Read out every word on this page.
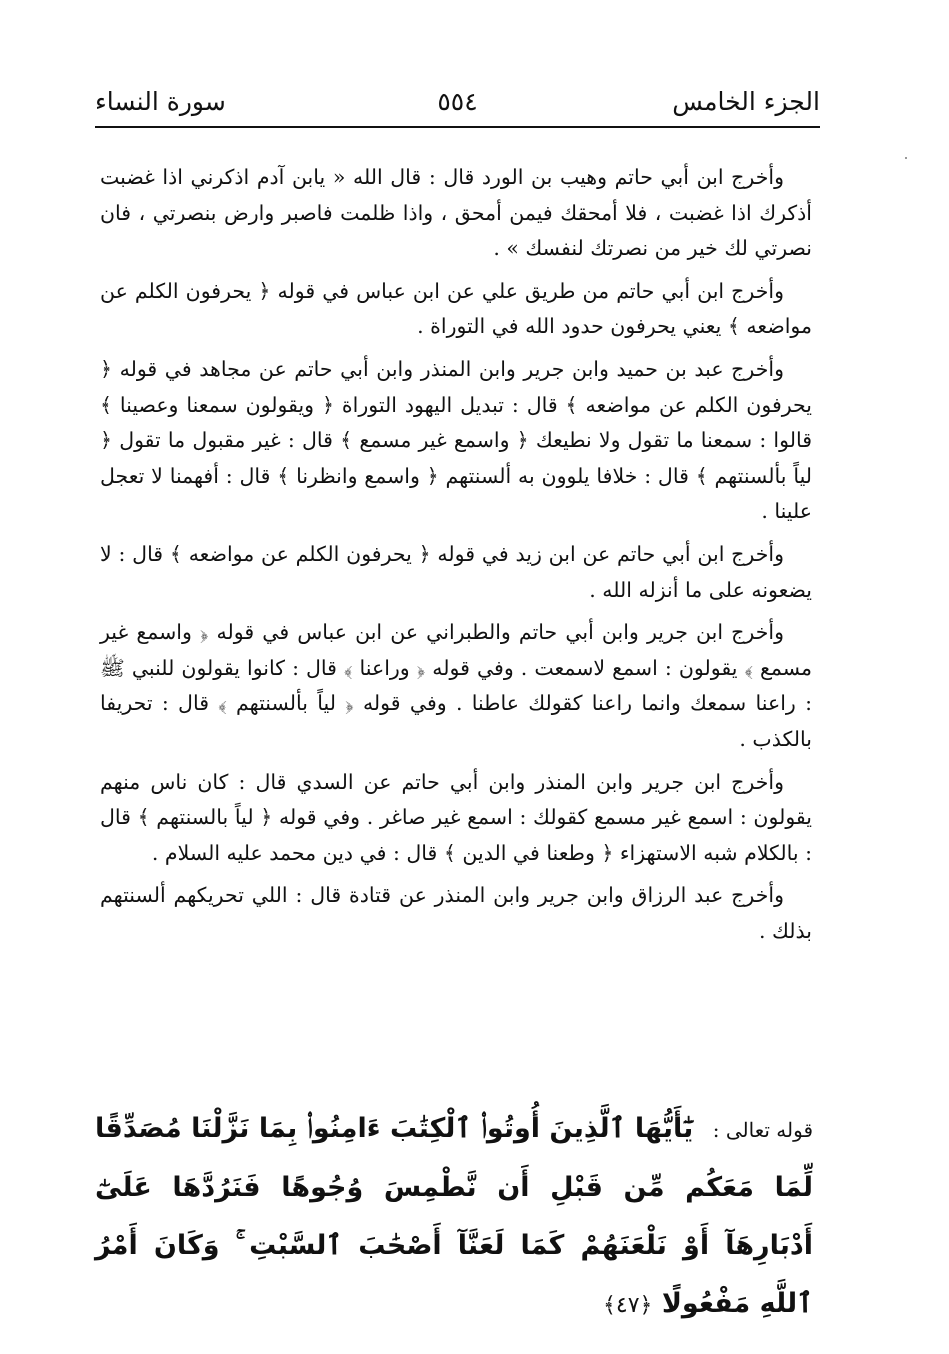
الجزء الخامس
٥٥٤
سورة النساء

وأخرج ابن أبي حاتم وهيب بن الورد قال : قال الله « يابن آدم اذكرني اذا غضبت أذكرك اذا غضبت ، فلا أمحقك فيمن أمحق ، واذا ظلمت فاصبر وارض بنصرتي ، فان نصرتي لك خير من نصرتك لنفسك » .

وأخرج ابن أبي حاتم من طريق علي عن ابن عباس في قوله ﴿ يحرفون الكلم عن مواضعه ﴾ يعني يحرفون حدود الله في التوراة .

وأخرج عبد بن حميد وابن جرير وابن المنذر وابن أبي حاتم عن مجاهد في قوله ﴿ يحرفون الكلم عن مواضعه ﴾ قال : تبديل اليهود التوراة ﴿ ويقولون سمعنا وعصينا ﴾ قالوا : سمعنا ما تقول ولا نطيعك ﴿ واسمع غير مسمع ﴾ قال : غير مقبول ما تقول ﴿ لياً بألسنتهم ﴾ قال : خلافا يلوون به ألسنتهم ﴿ واسمع وانظرنا ﴾ قال : أفهمنا لا تعجل علينا .

وأخرج ابن أبي حاتم عن ابن زيد في قوله ﴿ يحرفون الكلم عن مواضعه ﴾ قال : لا يضعونه على ما أنزله الله .

وأخرج ابن جرير وابن أبي حاتم والطبراني عن ابن عباس في قوله ﴿ واسمع غير مسمع ﴾ يقولون : اسمع لاسمعت . وفي قوله ﴿ وراعنا ﴾ قال : كانوا يقولون للنبي ﷺ : راعنا سمعك وانما راعنا كقولك عاطنا . وفي قوله ﴿ لياً بألسنتهم ﴾ قال : تحريفا بالكذب .

وأخرج ابن جرير وابن المنذر وابن أبي حاتم عن السدي قال : كان ناس منهم يقولون : اسمع غير مسمع كقولك : اسمع غير صاغر . وفي قوله ﴿ لياً بالسنتهم ﴾ قال : بالكلام شبه الاستهزاء ﴿ وطعنا في الدين ﴾ قال : في دين محمد عليه السلام .

وأخرج عبد الرزاق وابن جرير وابن المنذر عن قتادة قال : اللي تحريكهم ألسنتهم بذلك .

قوله تعالى : يَٰٓأَيُّهَا ٱلَّذِينَ أُوتُوا۟ ٱلْكِتَٰبَ ءَامِنُوا۟ بِمَا نَزَّلْنَا مُصَدِّقًا لِّمَا مَعَكُم مِّن قَبْلِ أَن نَّطْمِسَ وُجُوهًا فَنَرُدَّهَا عَلَىٰٓ أَدْبَارِهَآ أَوْ نَلْعَنَهُمْ كَمَا لَعَنَّآ أَصْحَٰبَ ٱلسَّبْتِ ۚ وَكَانَ أَمْرُ ٱللَّهِ مَفْعُولًا ﴿٤٧﴾
